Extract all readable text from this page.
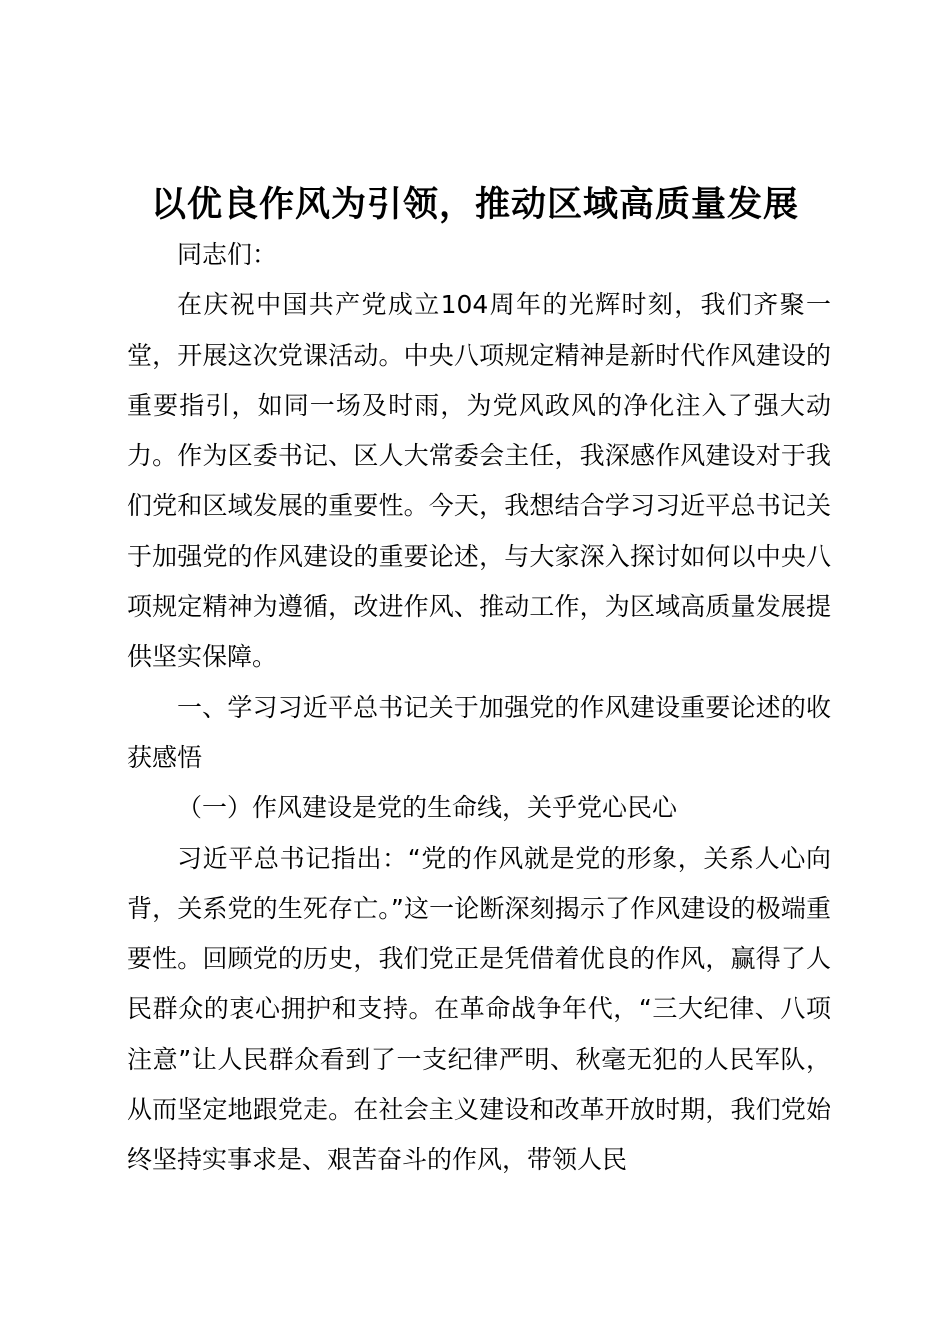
以优良作风为引领，推动区域高质量发展

同志们：

在庆祝中国共产党成立104周年的光辉时刻，我们齐聚一堂，开展这次党课活动。中央八项规定精神是新时代作风建设的重要指引，如同一场及时雨，为党风政风的净化注入了强大动力。作为区委书记、区人大常委会主任，我深感作风建设对于我们党和区域发展的重要性。今天，我想结合学习习近平总书记关于加强党的作风建设的重要论述，与大家深入探讨如何以中央八项规定精神为遵循，改进作风、推动工作，为区域高质量发展提供坚实保障。

一、学习习近平总书记关于加强党的作风建设重要论述的收获感悟

（一）作风建设是党的生命线，关乎党心民心

习近平总书记指出：“党的作风就是党的形象，关系人心向背，关系党的生死存亡。”这一论断深刻揭示了作风建设的极端重要性。回顾党的历史，我们党正是凭借着优良的作风，赢得了人民群众的衷心拥护和支持。在革命战争年代，“三大纪律、八项注意”让人民群众看到了一支纪律严明、秋毫无犯的人民军队，从而坚定地跟党走。在社会主义建设和改革开放时期，我们党始终坚持实事求是、艰苦奋斗的作风，带领人民
